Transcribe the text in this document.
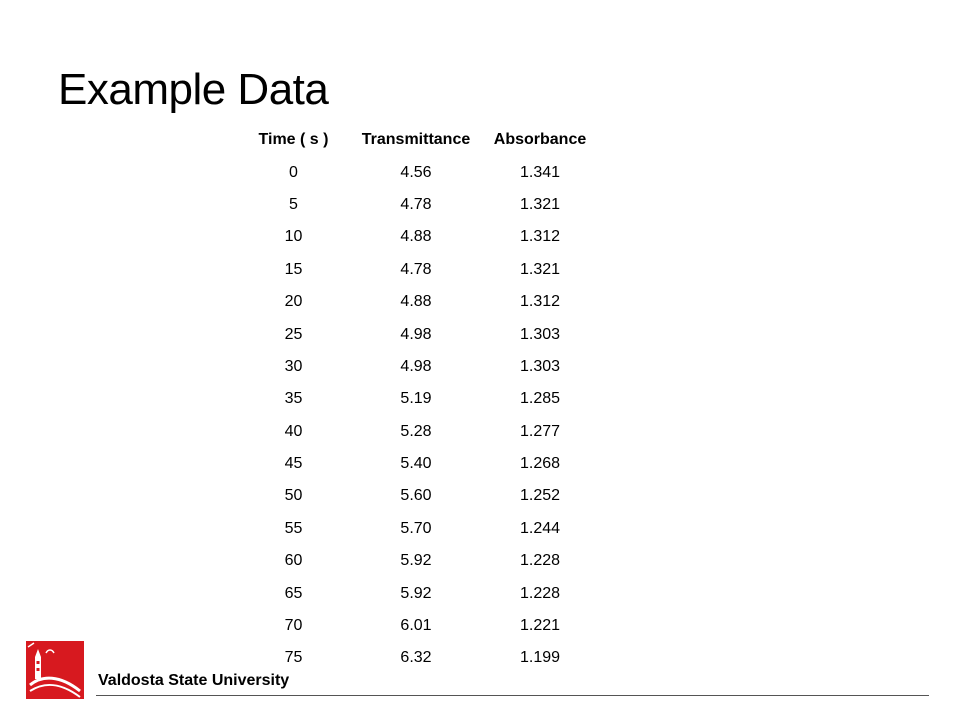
Example Data
Time ( s )	Transmittance	Absorbance
0	4.56	1.341
5	4.78	1.321
10	4.88	1.312
15	4.78	1.321
20	4.88	1.312
25	4.98	1.303
30	4.98	1.303
35	5.19	1.285
40	5.28	1.277
45	5.40	1.268
50	5.60	1.252
55	5.70	1.244
60	5.92	1.228
65	5.92	1.228
70	6.01	1.221
75	6.32	1.199
Valdosta State University
